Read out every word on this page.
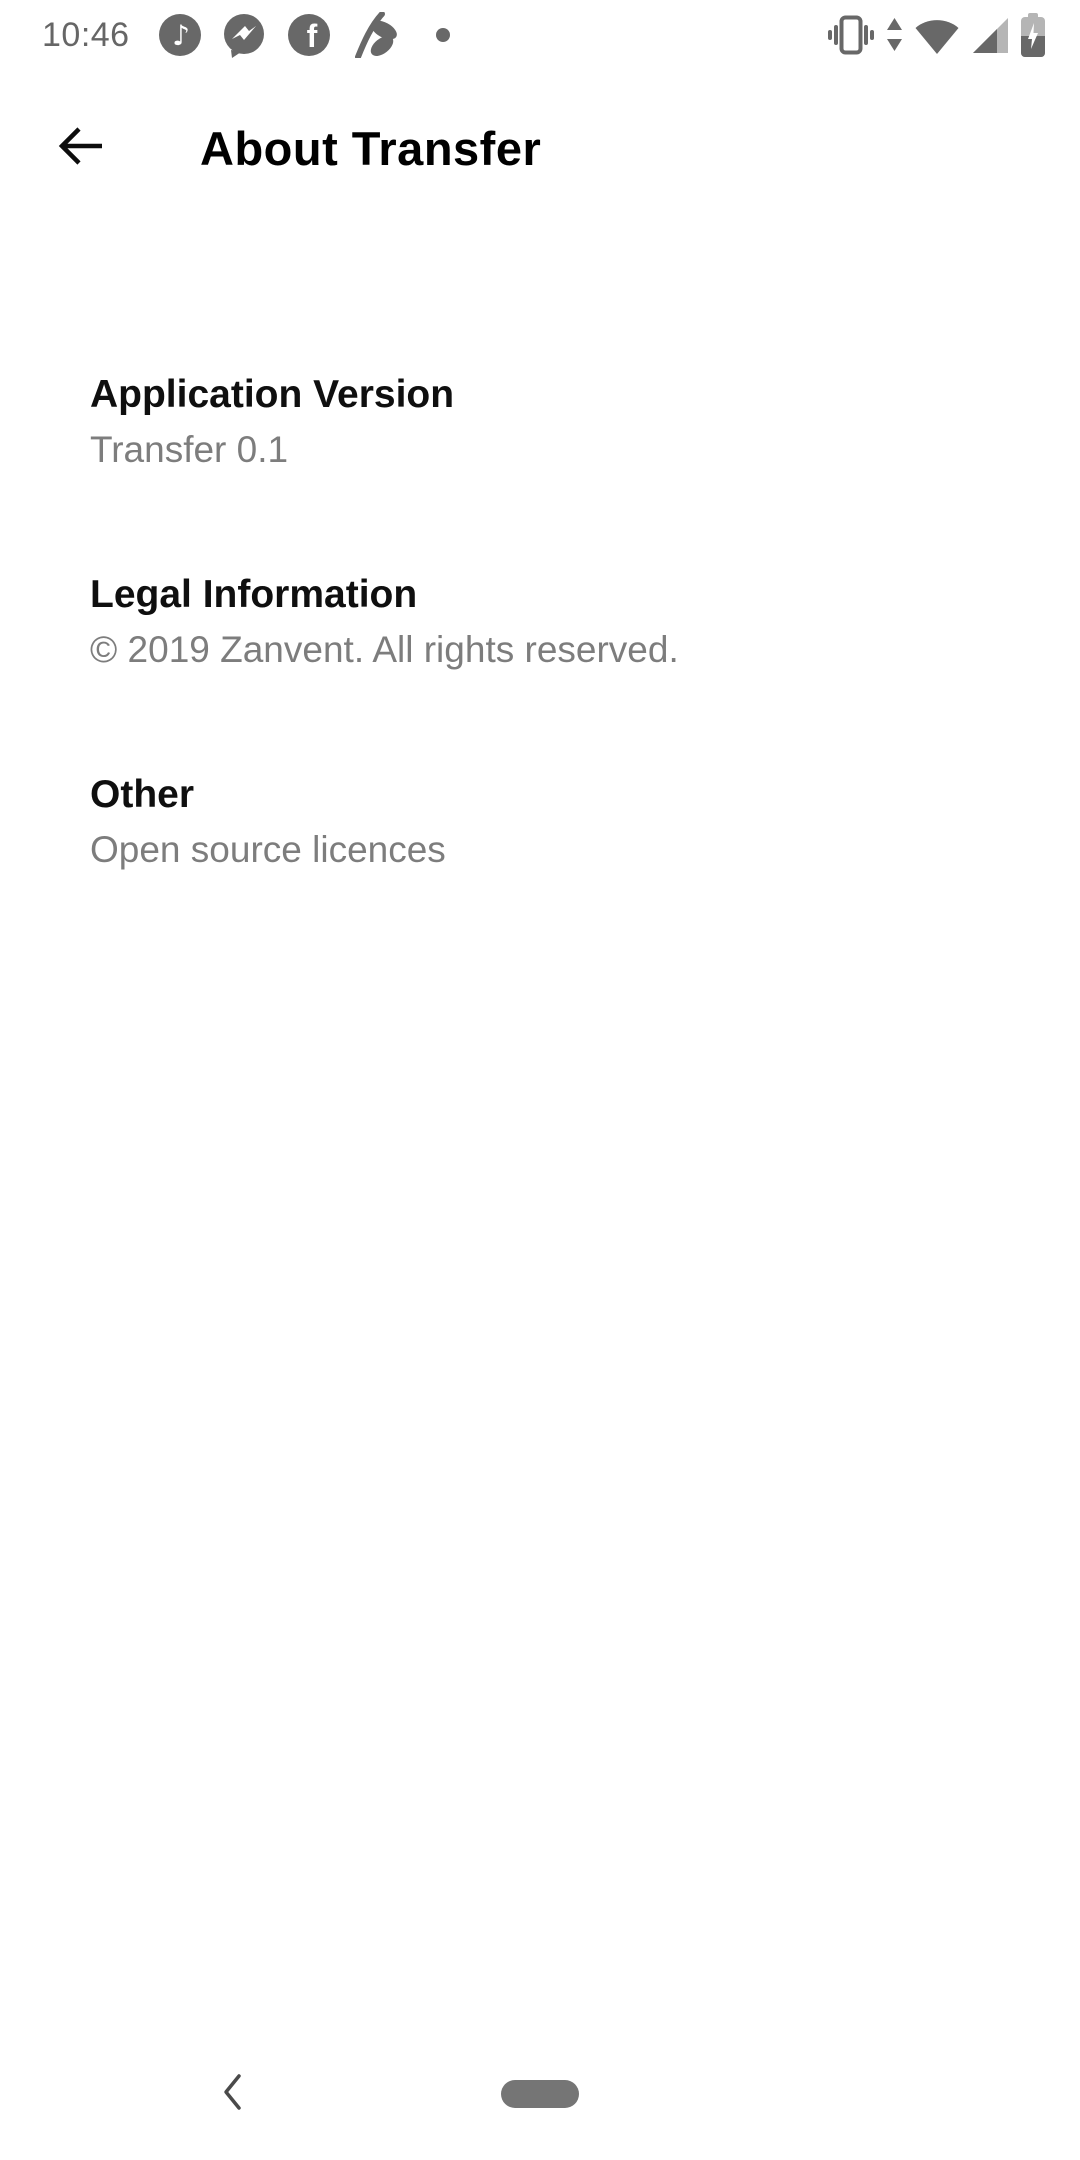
10:46 ♪	f
About Transfer
Application Version
Transfer 0.1
Legal Information
© 2019 Zanvent. All rights reserved.
Other
Open source licences
